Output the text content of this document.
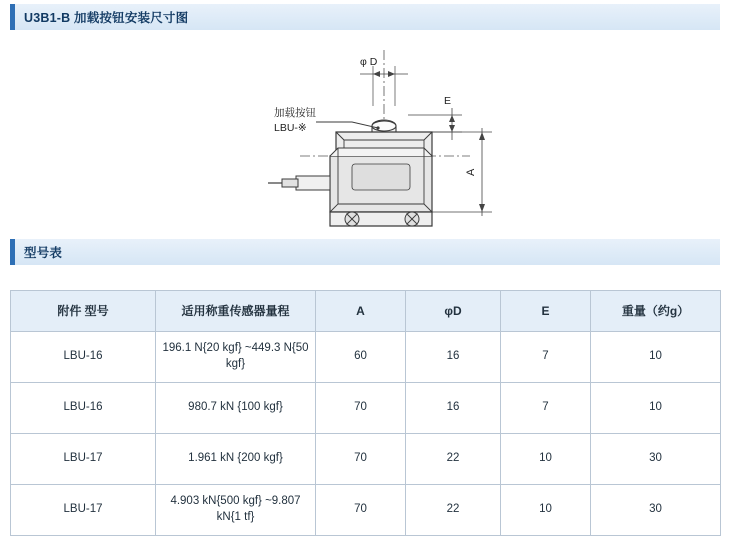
U3B1-B 加载按钮安装尺寸图
φ D
E
A
加载按钮
LBU-※
型号表
附件 型号	适用称重传感器量程	A	φD	E	重量（约g）
LBU-16	196.1 N{20 kgf} ~449.3 N{50 kgf}	60	16	7	10
LBU-16	980.7 kN {100 kgf}	70	16	7	10
LBU-17	1.961 kN {200 kgf}	70	22	10	30
LBU-17	4.903 kN{500 kgf} ~9.807 kN{1 tf}	70	22	10	30
